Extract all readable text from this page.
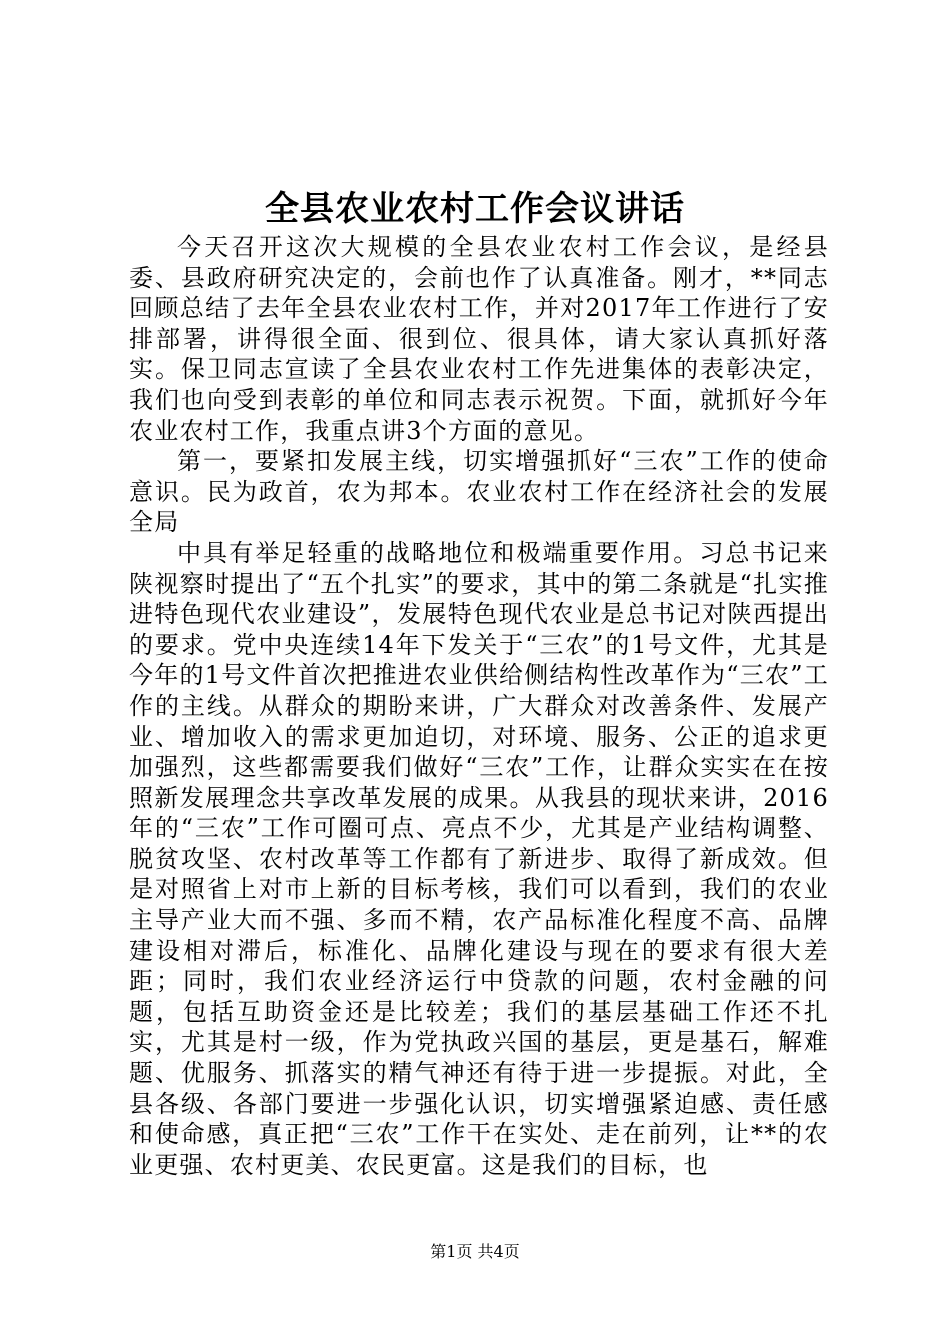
全县农业农村工作会议讲话

今天召开这次大规模的全县农业农村工作会议，是经县委、县政府研究决定的，会前也作了认真准备。刚才，**同志回顾总结了去年全县农业农村工作，并对2017年工作进行了安排部署，讲得很全面、很到位、很具体，请大家认真抓好落实。保卫同志宣读了全县农业农村工作先进集体的表彰决定，我们也向受到表彰的单位和同志表示祝贺。下面，就抓好今年农业农村工作，我重点讲3个方面的意见。

第一，要紧扣发展主线，切实增强抓好“三农”工作的使命意识。民为政首，农为邦本。农业农村工作在经济社会的发展全局

中具有举足轻重的战略地位和极端重要作用。习总书记来陕视察时提出了“五个扎实”的要求，其中的第二条就是“扎实推进特色现代农业建设”，发展特色现代农业是总书记对陕西提出的要求。党中央连续14年下发关于“三农”的1号文件，尤其是今年的1号文件首次把推进农业供给侧结构性改革作为“三农”工作的主线。从群众的期盼来讲，广大群众对改善条件、发展产业、增加收入的需求更加迫切，对环境、服务、公正的追求更加强烈，这些都需要我们做好“三农”工作，让群众实实在在按照新发展理念共享改革发展的成果。从我县的现状来讲，2016年的“三农”工作可圈可点、亮点不少，尤其是产业结构调整、脱贫攻坚、农村改革等工作都有了新进步、取得了新成效。但是对照省上对市上新的目标考核，我们可以看到，我们的农业主导产业大而不强、多而不精，农产品标准化程度不高、品牌建设相对滞后，标准化、品牌化建设与现在的要求有很大差距；同时，我们农业经济运行中贷款的问题，农村金融的问题，包括互助资金还是比较差；我们的基层基础工作还不扎实，尤其是村一级，作为党执政兴国的基层，更是基石，解难题、优服务、抓落实的精气神还有待于进一步提振。对此，全县各级、各部门要进一步强化认识，切实增强紧迫感、责任感和使命感，真正把“三农”工作干在实处、走在前列，让**的农业更强、农村更美、农民更富。这是我们的目标，也

第1页 共4页
